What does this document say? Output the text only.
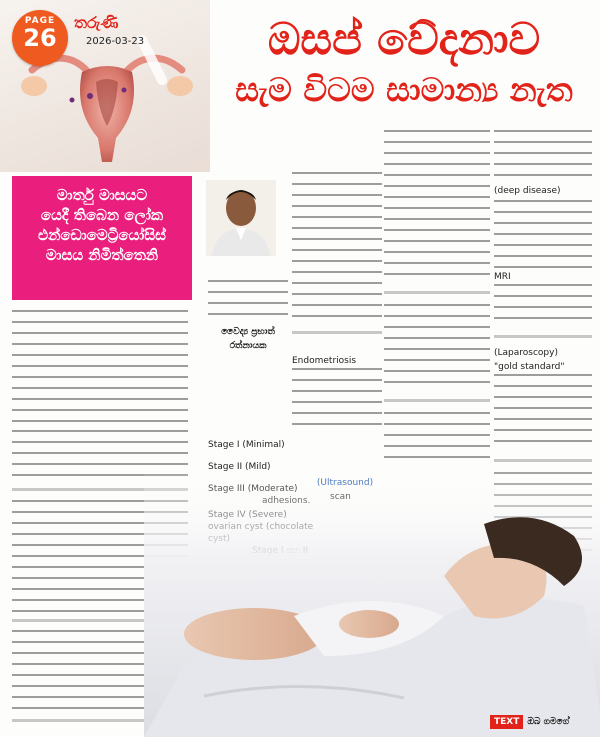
PAGE
26
තරුණි
2026-03-23	ඔසප් වේදනාව
සැම විටම සාමාන්‍ය නැත
මාර්තු මාසයට
යෙදී තිබෙන ලෝක
එන්ඩොමෙට්‍රියෝසිස්
මාසය නිමිත්තෙනි
වෛද්‍ය ප්‍රභාත්
රත්නායක
Endometriosis
Stage I (Minimal)
(deep disease)
MRI
(Laparoscopy)
"gold standard"
TEXT ඔබ ගමගේ
